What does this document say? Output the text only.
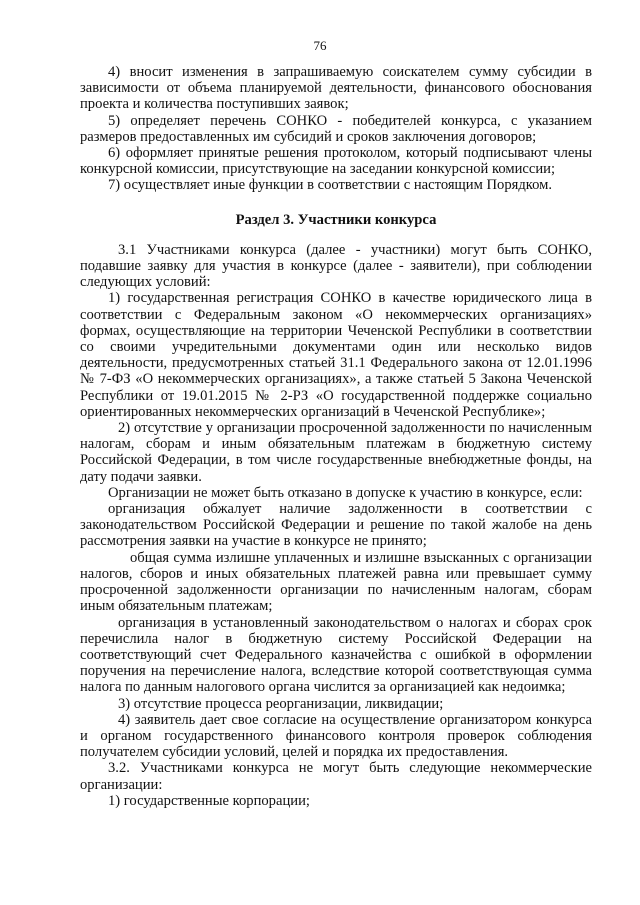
76

4) вносит изменения в запрашиваемую соискателем сумму субсидии в зависимости от объема планируемой деятельности, финансового обоснования проекта и количества поступивших заявок;

5) определяет перечень СОНКО - победителей конкурса, с указанием размеров предоставленных им субсидий и сроков заключения договоров;

6) оформляет принятые решения протоколом, который подписывают члены конкурсной комиссии, присутствующие на заседании конкурсной комиссии;

7) осуществляет иные функции в соответствии с настоящим Порядком.

Раздел 3. Участники конкурса

3.1 Участниками конкурса (далее - участники) могут быть СОНКО, подавшие заявку для участия в конкурсе (далее - заявители), при соблюдении следующих условий:

1) государственная регистрация СОНКО в качестве юридического лица в соответствии с Федеральным законом «О некоммерческих организациях» формах, осуществляющие на территории Чеченской Республики в соответствии со своими учредительными документами один или несколько видов деятельности, предусмотренных статьей 31.1 Федерального закона от 12.01.1996 № 7-ФЗ «О некоммерческих организациях», а также статьей 5 Закона Чеченской Республики от 19.01.2015 № 2-РЗ «О государственной поддержке социально ориентированных некоммерческих организаций в Чеченской Республике»;

2) отсутствие у организации просроченной задолженности по начисленным налогам, сборам и иным обязательным платежам в бюджетную систему Российской Федерации, в том числе государственные внебюджетные фонды, на дату подачи заявки.

Организации не может быть отказано в допуске к участию в конкурсе, если:

организация обжалует наличие задолженности в соответствии с законодательством Российской Федерации и решение по такой жалобе на день рассмотрения заявки на участие в конкурсе не принято;

общая сумма излишне уплаченных и излишне взысканных с организации налогов, сборов и иных обязательных платежей равна или превышает сумму просроченной задолженности организации по начисленным налогам, сборам иным обязательным платежам;

организация в установленный законодательством о налогах и сборах срок перечислила налог в бюджетную систему Российской Федерации на соответствующий счет Федерального казначейства с ошибкой в оформлении поручения на перечисление налога, вследствие которой соответствующая сумма налога по данным налогового органа числится за организацией как недоимка;

3) отсутствие процесса реорганизации, ликвидации;

4) заявитель дает свое согласие на осуществление организатором конкурса и органом государственного финансового контроля проверок соблюдения получателем субсидии условий, целей и порядка их предоставления.

3.2. Участниками конкурса не могут быть следующие некоммерческие организации:

1) государственные корпорации;
